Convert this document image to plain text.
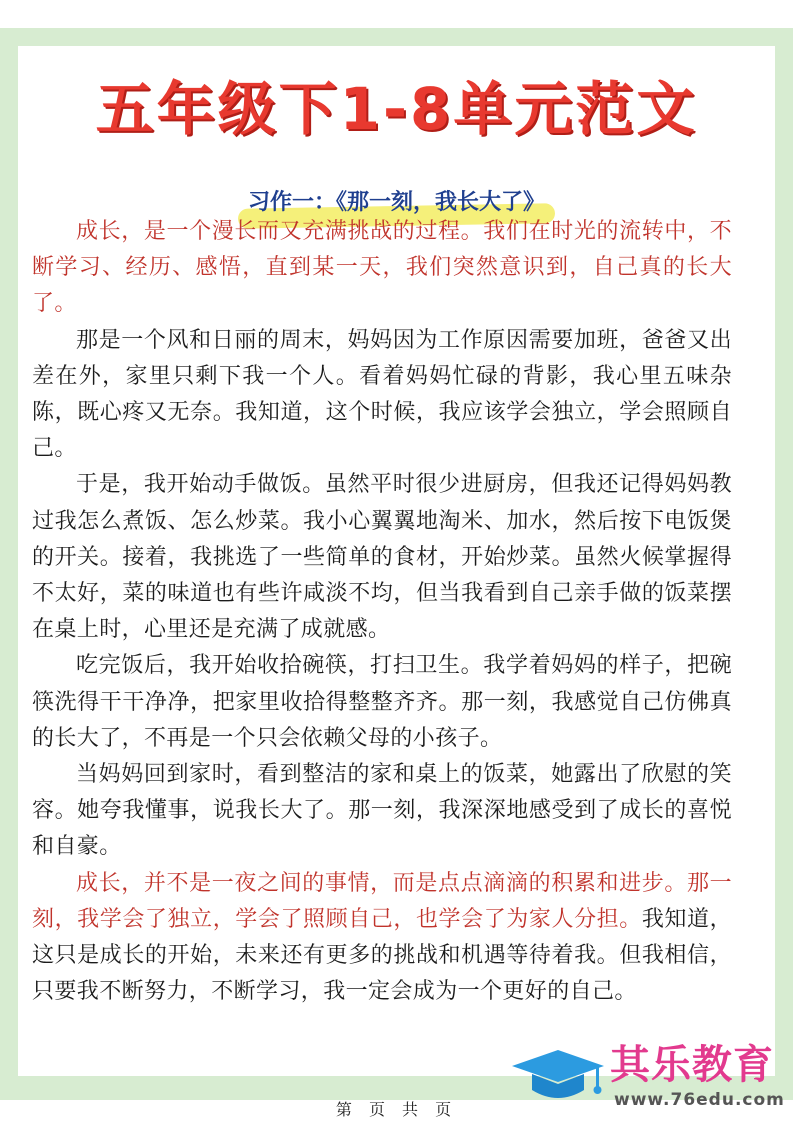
五年级下1-8单元范文
习作一：《那一刻，我长大了》

成长，是一个漫长而又充满挑战的过程。我们在时光的流转中，不断学习、经历、感悟，直到某一天，我们突然意识到，自己真的长大了。

那是一个风和日丽的周末，妈妈因为工作原因需要加班，爸爸又出差在外，家里只剩下我一个人。看着妈妈忙碌的背影，我心里五味杂陈，既心疼又无奈。我知道，这个时候，我应该学会独立，学会照顾自己。

于是，我开始动手做饭。虽然平时很少进厨房，但我还记得妈妈教过我怎么煮饭、怎么炒菜。我小心翼翼地淘米、加水，然后按下电饭煲的开关。接着，我挑选了一些简单的食材，开始炒菜。虽然火候掌握得不太好，菜的味道也有些许咸淡不均，但当我看到自己亲手做的饭菜摆在桌上时，心里还是充满了成就感。

吃完饭后，我开始收拾碗筷，打扫卫生。我学着妈妈的样子，把碗筷洗得干干净净，把家里收拾得整整齐齐。那一刻，我感觉自己仿佛真的长大了，不再是一个只会依赖父母的小孩子。

当妈妈回到家时，看到整洁的家和桌上的饭菜，她露出了欣慰的笑容。她夸我懂事，说我长大了。那一刻，我深深地感受到了成长的喜悦和自豪。

成长，并不是一夜之间的事情，而是点点滴滴的积累和进步。那一刻，我学会了独立，学会了照顾自己，也学会了为家人分担。我知道，这只是成长的开始，未来还有更多的挑战和机遇等待着我。但我相信，只要我不断努力，不断学习，我一定会成为一个更好的自己。

其乐教育
www.76edu.com
第 页 共 页
